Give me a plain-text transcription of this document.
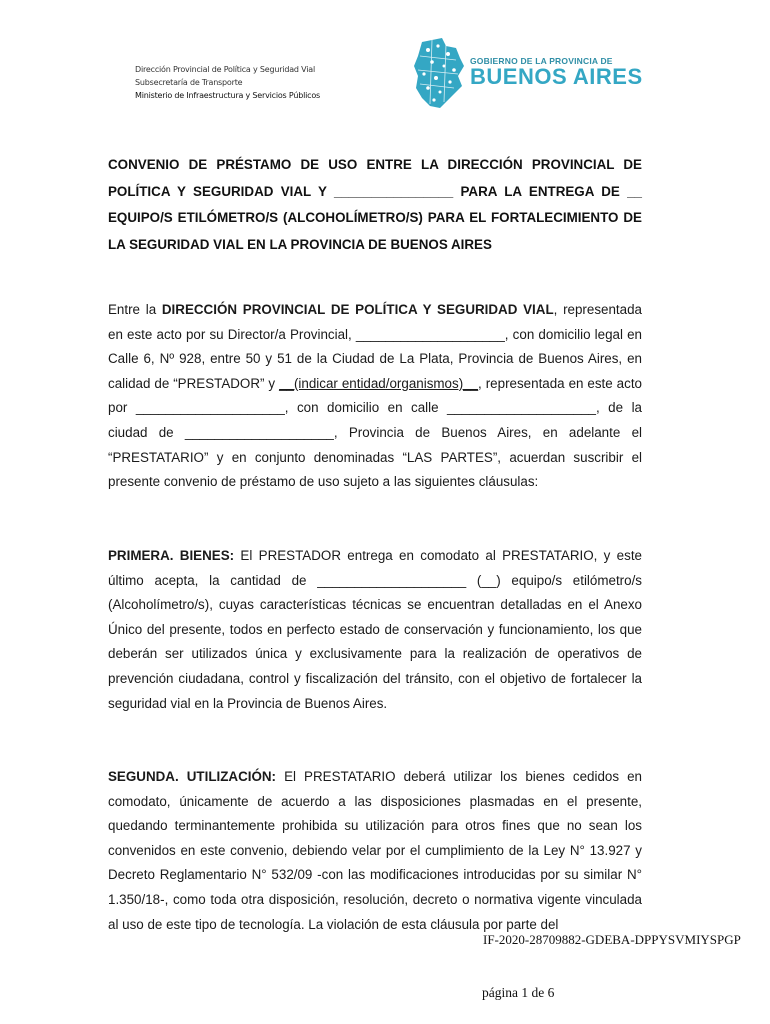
Dirección Provincial de Política y Seguridad Vial
Subsecretaría de Transporte
Ministerio de Infraestructura y Servicios Públicos
GOBIERNO DE LA PROVINCIA DE
BUENOS AIRES
CONVENIO DE PRÉSTAMO DE USO ENTRE LA DIRECCIÓN PROVINCIAL DE POLÍTICA Y SEGURIDAD VIAL Y ________________ PARA LA ENTREGA DE __ EQUIPO/S ETILÓMETRO/S (ALCOHOLÍMETRO/S) PARA EL FORTALECIMIENTO DE LA SEGURIDAD VIAL EN LA PROVINCIA DE BUENOS AIRES
Entre la DIRECCIÓN PROVINCIAL DE POLÍTICA Y SEGURIDAD VIAL, representada en este acto por su Director/a Provincial, ____________________, con domicilio legal en Calle 6, Nº 928, entre 50 y 51 de la Ciudad de La Plata, Provincia de Buenos Aires, en calidad de “PRESTADOR” y __(indicar entidad/organismos)__, representada en este acto por ____________________, con domicilio en calle ____________________, de la ciudad de ____________________, Provincia de Buenos Aires, en adelante el “PRESTATARIO” y en conjunto denominadas “LAS PARTES”, acuerdan suscribir el presente convenio de préstamo de uso sujeto a las siguientes cláusulas:
PRIMERA. BIENES: El PRESTADOR entrega en comodato al PRESTATARIO, y este último acepta, la cantidad de ____________________ (__) equipo/s etilómetro/s (Alcoholímetro/s), cuyas características técnicas se encuentran detalladas en el Anexo Único del presente, todos en perfecto estado de conservación y funcionamiento, los que deberán ser utilizados única y exclusivamente para la realización de operativos de prevención ciudadana, control y fiscalización del tránsito, con el objetivo de fortalecer la seguridad vial en la Provincia de Buenos Aires.
SEGUNDA. UTILIZACIÓN: El PRESTATARIO deberá utilizar los bienes cedidos en comodato, únicamente de acuerdo a las disposiciones plasmadas en el presente, quedando terminantemente prohibida su utilización para otros fines que no sean los convenidos en este convenio, debiendo velar por el cumplimiento de la Ley N° 13.927 y Decreto Reglamentario N° 532/09 -con las modificaciones introducidas por su similar N° 1.350/18-, como toda otra disposición, resolución, decreto o normativa vigente vinculada al uso de este tipo de tecnología. La violación de esta cláusula por parte del
IF-2020-28709882-GDEBA-DPPYSVMIYSPGP
página 1 de 6
